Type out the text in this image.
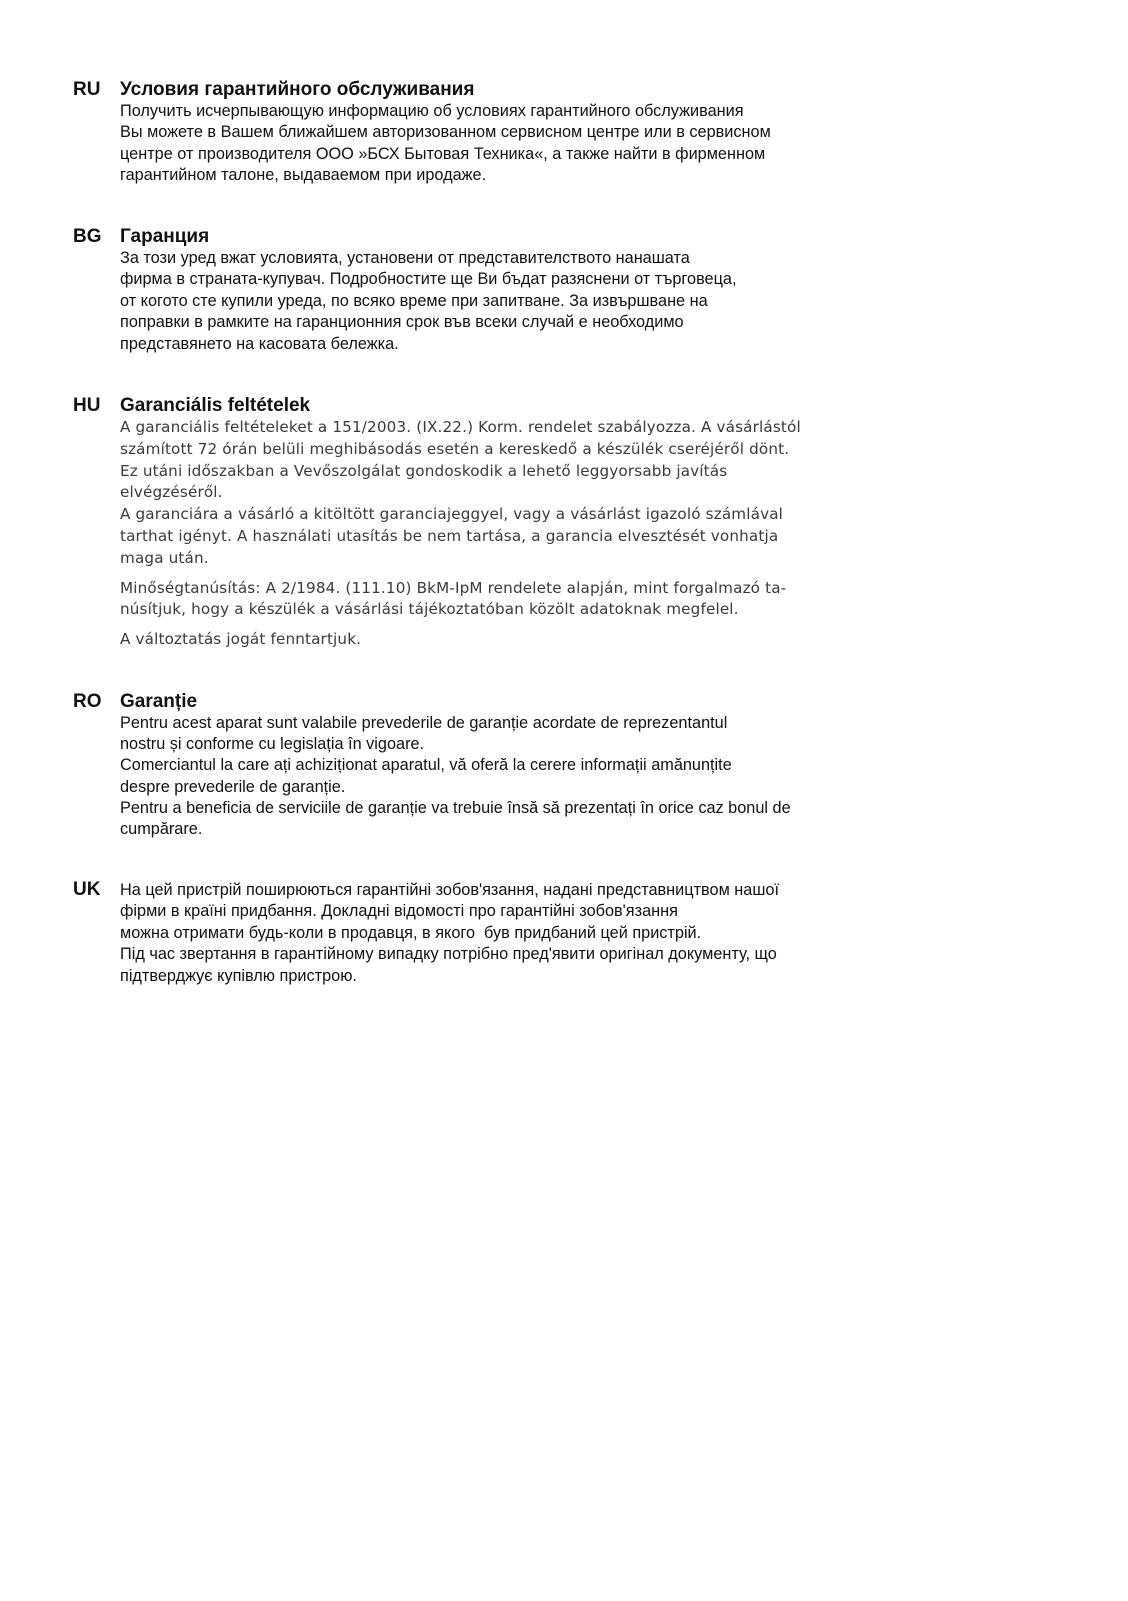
RU Условия гарантийного обслуживания

Получить исчерпывающую информацию об условиях гарантийного обслуживания

Вы можете в Вашем ближайшем авторизованном сервисном центре или в сервисном

центре от производителя ООО »БСХ Бытовая Техника«, а также найти в фирменном

гарантийном талоне, выдаваемом при иродаже.

BG Гаранция

За този уред вжат условията, установени от представителството нанашата

фирма в страната-купувач. Подробностите ще Ви бъдат разяснени от търговеца,

от когото сте купили уреда, по всяко време при запитване. За извършване на

поправки в рамките на гаранционния срок във всеки случай е необходимо

представянето на касовата бележка.

HU Garanciális feltételek

A garanciális feltételeket a 151/2003. (IX.22.) Korm. rendelet szabályozza. A vásárlástól

számított 72 órán belüli meghibásodás esetén a kereskedő a készülék cseréjéről dönt.

Ez utáni időszakban a Vevőszolgálat gondoskodik a lehető leggyorsabb javítás

elvégzéséről.

A garanciára a vásárló a kitöltött garanciajeggyel, vagy a vásárlást igazoló számlával

tarthat igényt. A használati utasítás be nem tartása, a garancia elvesztését vonhatja

maga után.

Minőségtanúsítás: A 2/1984. (111.10) BkM-IpM rendelete alapján, mint forgalmazó ta-

núsítjuk, hogy a készülék a vásárlási tájékoztatóban közölt adatoknak megfelel.

A változtatás jogát fenntartjuk.

RO Garanție

Pentru acest aparat sunt valabile prevederile de garanție acordate de reprezentantul

nostru și conforme cu legislația în vigoare.

Comerciantul la care ați achiziționat aparatul, vă oferă la cerere informații amănunțite

despre prevederile de garanție.

Pentru a beneficia de serviciile de garanție va trebuie însă să prezentați în orice caz bonul de

cumpărare.

UK На цей пристрій поширюються гарантійні зобов'язання, надані представництвом нашої

фірми в країні придбання. Докладні відомості про гарантійні зобов'язання

можна отримати будь-коли в продавця, в якого  був придбаний цей пристрій.

Під час звертання в гарантійному випадку потрібно пред'явити оригінал документу, що

підтверджує купівлю пристрою.
